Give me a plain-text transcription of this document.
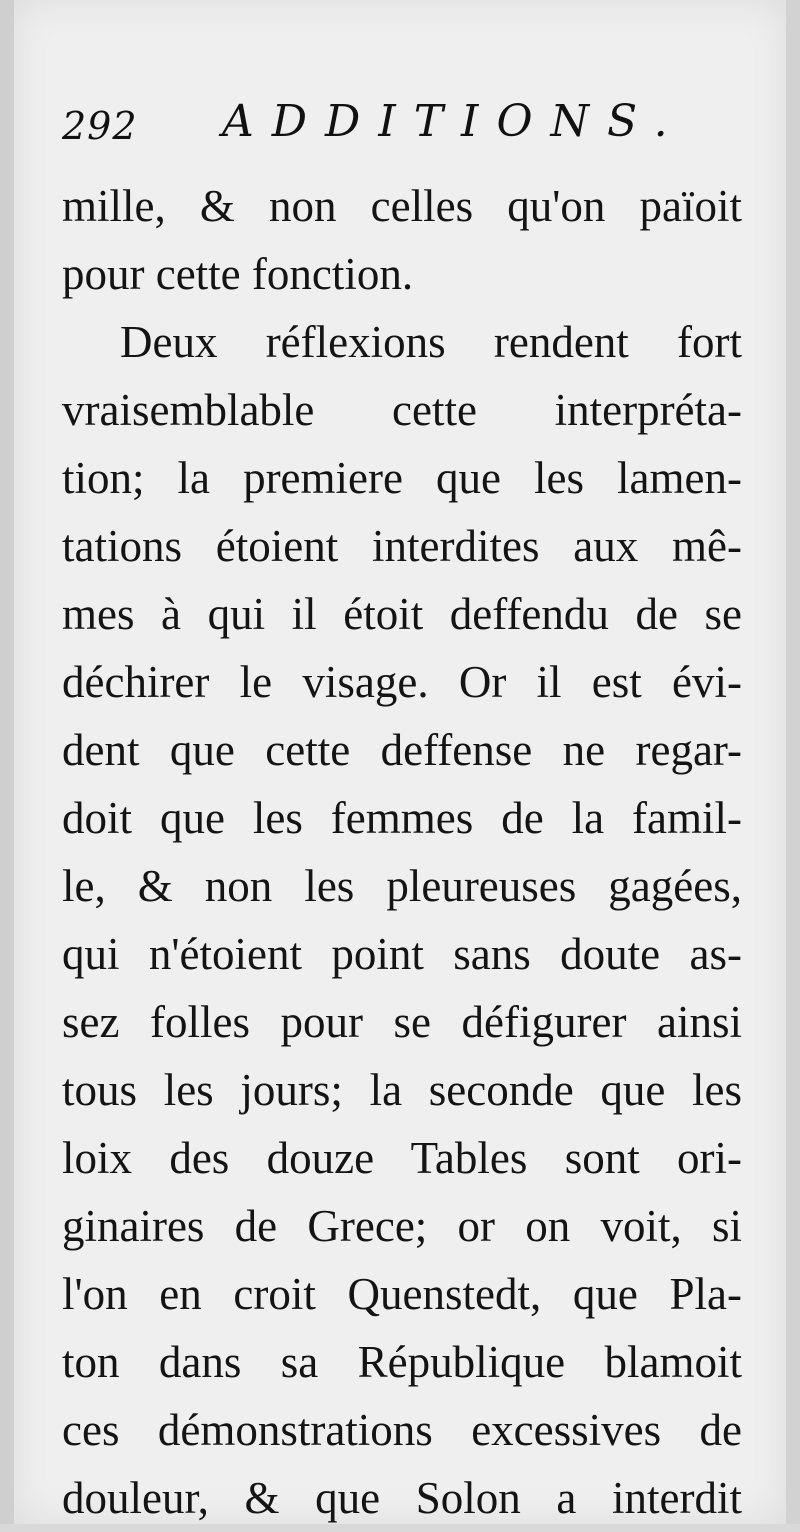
292 ADDITIONS.
mille, & non celles qu'on païoit
pour cette fonction.
Deux réflexions rendent fort
vraisemblable cette interpréta-
tion; la premiere que les lamen-
tations étoient interdites aux mê-
mes à qui il étoit deffendu de se
déchirer le visage. Or il est évi-
dent que cette deffense ne regar-
doit que les femmes de la famil-
le, & non les pleureuses gagées,
qui n'étoient point sans doute as-
sez folles pour se défigurer ainsi
tous les jours; la seconde que les
loix des douze Tables sont ori-
ginaires de Grece; or on voit, si
l'on en croit Quenstedt, que Pla-
ton dans sa République blamoit
ces démonstrations excessives de
douleur, & que Solon a interdit
